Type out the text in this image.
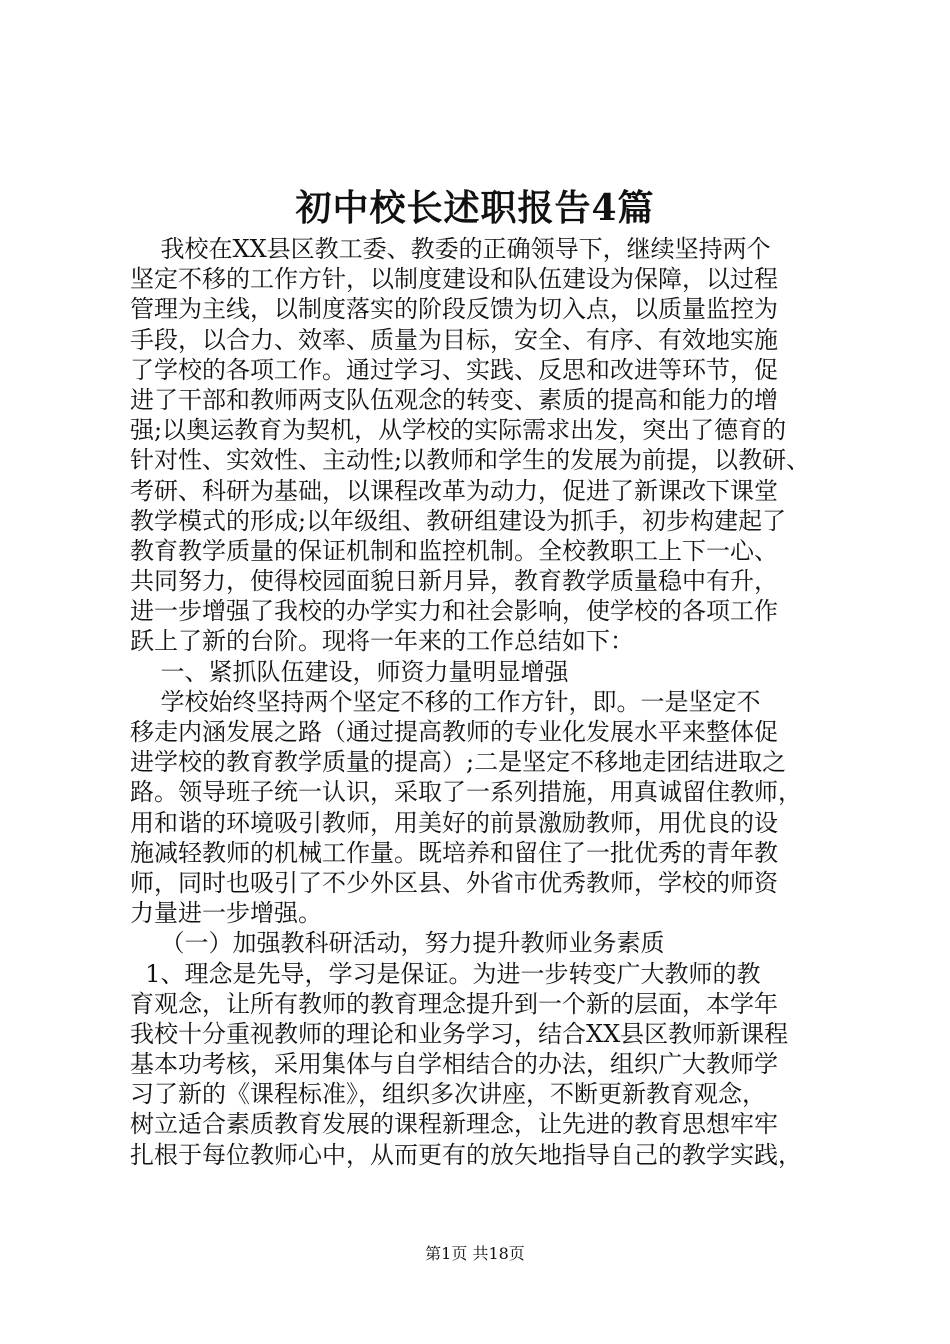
初中校长述职报告4篇
我校在XX县区教工委、教委的正确领导下，继续坚持两个
坚定不移的工作方针，以制度建设和队伍建设为保障，以过程
管理为主线，以制度落实的阶段反馈为切入点，以质量监控为
手段，以合力、效率、质量为目标，安全、有序、有效地实施
了学校的各项工作。通过学习、实践、反思和改进等环节，促
进了干部和教师两支队伍观念的转变、素质的提高和能力的增
强;以奥运教育为契机，从学校的实际需求出发，突出了德育的
针对性、实效性、主动性;以教师和学生的发展为前提，以教研、
考研、科研为基础，以课程改革为动力，促进了新课改下课堂
教学模式的形成;以年级组、教研组建设为抓手，初步构建起了
教育教学质量的保证机制和监控机制。全校教职工上下一心、
共同努力，使得校园面貌日新月异，教育教学质量稳中有升，
进一步增强了我校的办学实力和社会影响，使学校的各项工作
跃上了新的台阶。现将一年来的工作总结如下：
一、紧抓队伍建设，师资力量明显增强
学校始终坚持两个坚定不移的工作方针，即。一是坚定不
移走内涵发展之路（通过提高教师的专业化发展水平来整体促
进学校的教育教学质量的提高）;二是坚定不移地走团结进取之
路。领导班子统一认识，采取了一系列措施，用真诚留住教师，
用和谐的环境吸引教师，用美好的前景激励教师，用优良的设
施减轻教师的机械工作量。既培养和留住了一批优秀的青年教
师，同时也吸引了不少外区县、外省市优秀教师，学校的师资
力量进一步增强。
（一）加强教科研活动，努力提升教师业务素质
1、理念是先导，学习是保证。为进一步转变广大教师的教
育观念，让所有教师的教育理念提升到一个新的层面，本学年
我校十分重视教师的理论和业务学习，结合XX县区教师新课程
基本功考核，采用集体与自学相结合的办法，组织广大教师学
习了新的《课程标准》，组织多次讲座，不断更新教育观念，
树立适合素质教育发展的课程新理念，让先进的教育思想牢牢
扎根于每位教师心中，从而更有的放矢地指导自己的教学实践，
第1页 共18页
